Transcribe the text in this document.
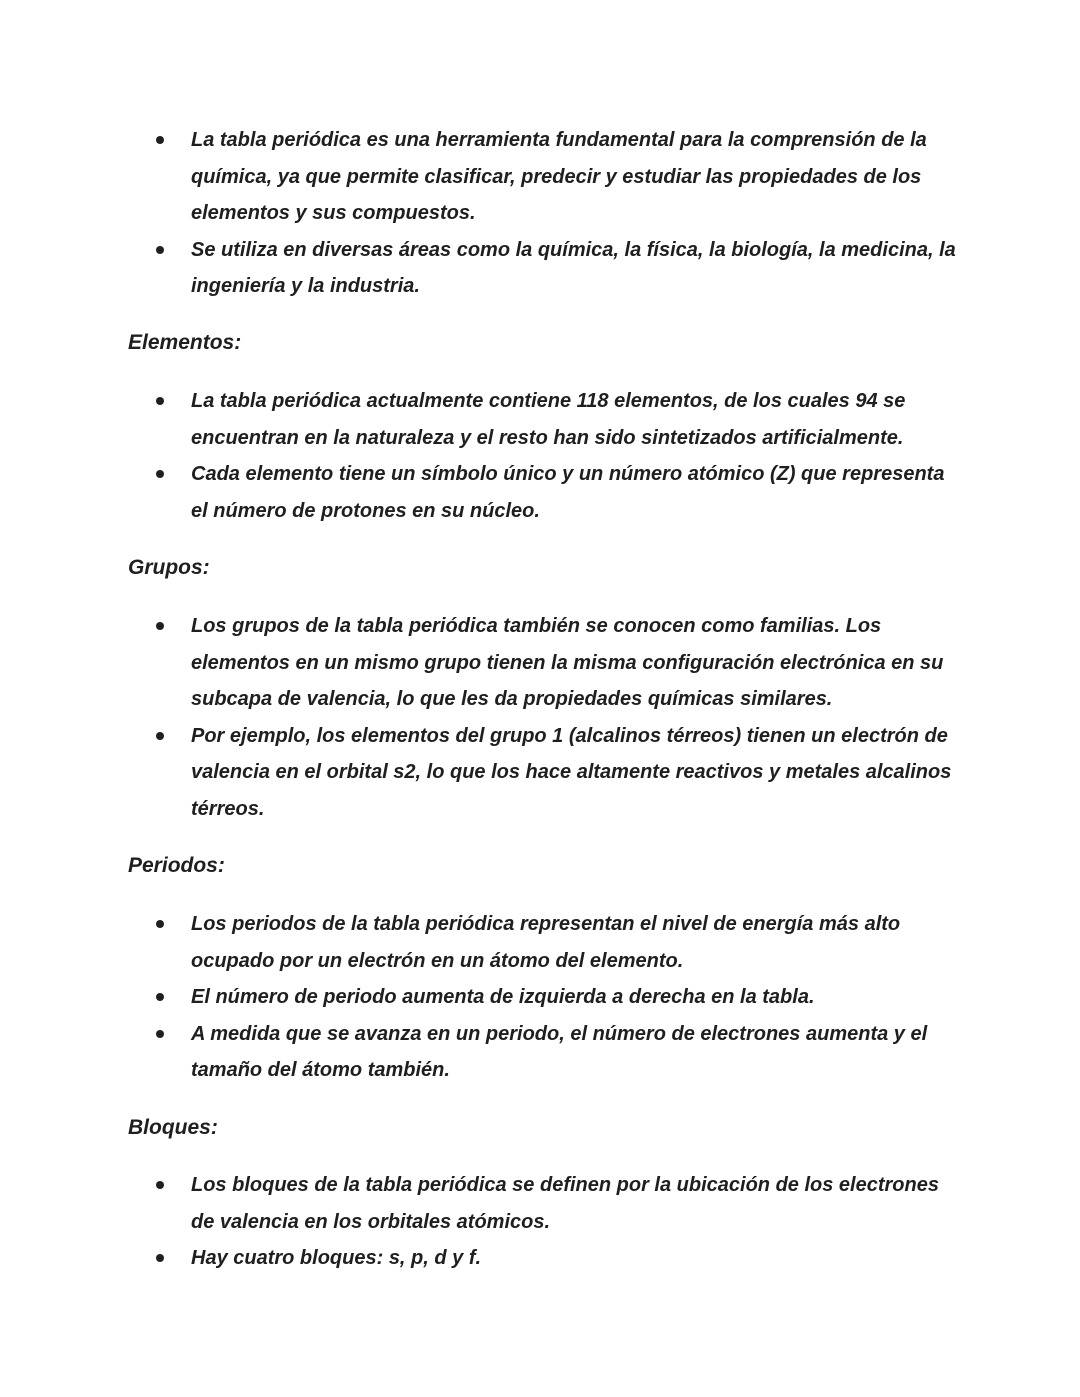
La tabla periódica es una herramienta fundamental para la comprensión de la química, ya que permite clasificar, predecir y estudiar las propiedades de los elementos y sus compuestos.
Se utiliza en diversas áreas como la química, la física, la biología, la medicina, la ingeniería y la industria.
Elementos:
La tabla periódica actualmente contiene 118 elementos, de los cuales 94 se encuentran en la naturaleza y el resto han sido sintetizados artificialmente.
Cada elemento tiene un símbolo único y un número atómico (Z) que representa el número de protones en su núcleo.
Grupos:
Los grupos de la tabla periódica también se conocen como familias. Los elementos en un mismo grupo tienen la misma configuración electrónica en su subcapa de valencia, lo que les da propiedades químicas similares.
Por ejemplo, los elementos del grupo 1 (alcalinos térreos) tienen un electrón de valencia en el orbital s2, lo que los hace altamente reactivos y metales alcalinos térreos.
Periodos:
Los periodos de la tabla periódica representan el nivel de energía más alto ocupado por un electrón en un átomo del elemento.
El número de periodo aumenta de izquierda a derecha en la tabla.
A medida que se avanza en un periodo, el número de electrones aumenta y el tamaño del átomo también.
Bloques:
Los bloques de la tabla periódica se definen por la ubicación de los electrones de valencia en los orbitales atómicos.
Hay cuatro bloques: s, p, d y f.
